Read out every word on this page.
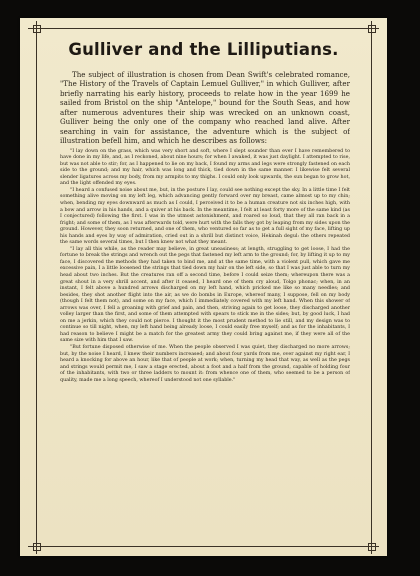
Gulliver and the Lilliputians.

The subject of illustration is chosen from Dean Swift's celebrated romance, "The History of the Travels of Captain Lemuel Gulliver," in which Gulliver, after briefly narrating his early history, proceeds to relate how in the year 1699 he sailed from Bristol on the ship "Antelope," bound for the South Seas, and how after numerous adventures their ship was wrecked on an unknown coast, Gulliver being the only one of the company who reached land alive. After searching in vain for assistance, the adventure which is the subject of illustration befell him, and which he describes as follows:

"I lay down on the grass, which was very short and soft, where I slept sounder than ever I have remembered to have done in my life, and, as I reckoned, about nine hours; for when I awaked, it was just daylight. I attempted to rise, but was not able to stir; for, as I happened to lie on my back, I found my arms and legs were strongly fastened on each side to the ground; and my hair, which was long and thick, tied down in the same manner. I likewise felt several slender ligatures across my body, from my armpits to my thighs. I could only look upwards, the sun began to grow hot, and the light offended my eyes.

"I heard a confused noise about me, but, in the posture I lay, could see nothing except the sky. In a little time I felt something alive moving on my left leg, which advancing gently forward over my breast, came almost up to my chin; when, bending my eyes downward as much as I could, I perceived it to be a human creature not six inches high, with a bow and arrow in his hands, and a quiver at his back. In the meantime, I felt at least forty more of the same kind (as I conjectured) following the first. I was in the utmost astonishment, and roared so loud, that they all ran back in a fright; and some of them, as I was afterwards told, were hurt with the falls they got by leaping from my sides upon the ground. However, they soon returned, and one of them, who ventured so far as to get a full sight of my face, lifting up his hands and eyes by way of admiration, cried out in a shrill but distinct voice, Hekinah degul: the others repeated the same words several times, but I then knew not what they meant.

"I lay all this while, as the reader may believe, in great uneasiness; at length, struggling to get loose, I had the fortune to break the strings and wrench out the pegs that fastened my left arm to the ground; for, by lifting it up to my face, I discovered the methods they had taken to bind me, and at the same time, with a violent pull, which gave me excessive pain, I a little loosened the strings that tied down my hair on the left side, so that I was just able to turn my head about two inches. But the creatures ran off a second time, before I could seize them; whereupon there was a great shout in a very shrill accent, and after it ceased, I heard one of them cry aloud, Tolgo phonac; when, in an instant, I felt above a hundred arrows discharged on my left hand, which pricked me like so many needles; and besides, they shot another flight into the air, as we do bombs in Europe, whereof many, I suppose, fell on my body (though I felt them not), and some on my face, which I immediately covered with my left hand. When this shower of arrows was over, I fell a groaning with grief and pain, and then, striving again to get loose, they discharged another volley larger than the first, and some of them attempted with spears to stick me in the sides; but, by good luck, I had on me a jerkin, which they could not pierce. I thought it the most prudent method to lie still, and my design was to continue so till night, when, my left hand being already loose, I could easily free myself; and as for the inhabitants, I had reason to believe I might be a match for the greatest army they could bring against me, if they were all of the same size with him that I saw.

"But fortune disposed otherwise of me. When the people observed I was quiet, they discharged no more arrows; but, by the noise I heard, I knew their numbers increased; and about four yards from me, over against my right ear, I heard a knocking for above an hour, like that of people at work; when, turning my head that way, as well as the pegs and strings would permit me, I saw a stage erected, about a foot and a half from the ground, capable of holding four of the inhabitants, with two or three ladders to mount it: from whence one of them, who seemed to be a person of quality, made me a long speech, whereof I understood not one syllable."
